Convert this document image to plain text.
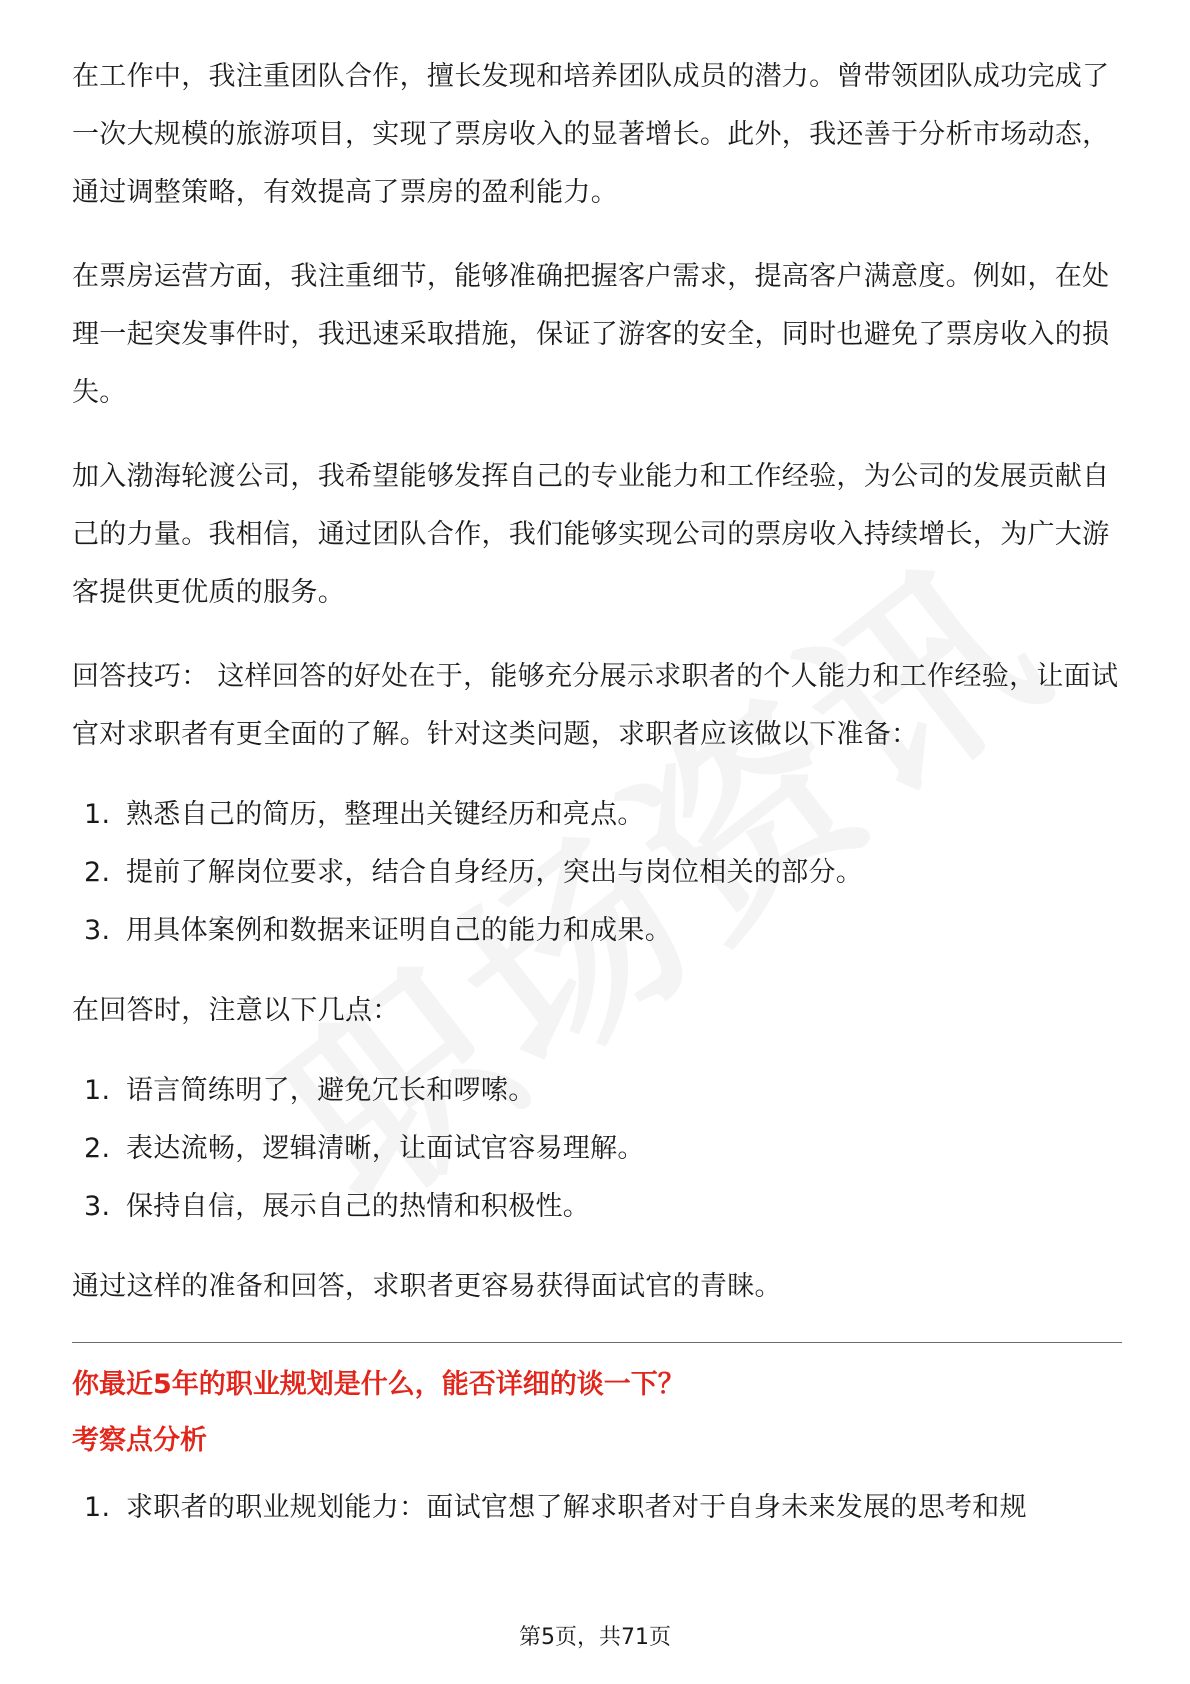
在工作中，我注重团队合作，擅长发现和培养团队成员的潜力。曾带领团队成功完成了一次大规模的旅游项目，实现了票房收入的显著增长。此外，我还善于分析市场动态，通过调整策略，有效提高了票房的盈利能力。

在票房运营方面，我注重细节，能够准确把握客户需求，提高客户满意度。例如，在处理一起突发事件时，我迅速采取措施，保证了游客的安全，同时也避免了票房收入的损失。

加入渤海轮渡公司，我希望能够发挥自己的专业能力和工作经验，为公司的发展贡献自己的力量。我相信，通过团队合作，我们能够实现公司的票房收入持续增长，为广大游客提供更优质的服务。

回答技巧： 这样回答的好处在于，能够充分展示求职者的个人能力和工作经验，让面试官对求职者有更全面的了解。针对这类问题，求职者应该做以下准备：

1. 熟悉自己的简历，整理出关键经历和亮点。
2. 提前了解岗位要求，结合自身经历，突出与岗位相关的部分。
3. 用具体案例和数据来证明自己的能力和成果。

在回答时，注意以下几点：

1. 语言简练明了，避免冗长和啰嗦。
2. 表达流畅，逻辑清晰，让面试官容易理解。
3. 保持自信，展示自己的热情和积极性。

通过这样的准备和回答，求职者更容易获得面试官的青睐。

你最近5年的职业规划是什么，能否详细的谈一下？

考察点分析

1. 求职者的职业规划能力：面试官想了解求职者对于自身未来发展的思考和规
第5页，共71页
